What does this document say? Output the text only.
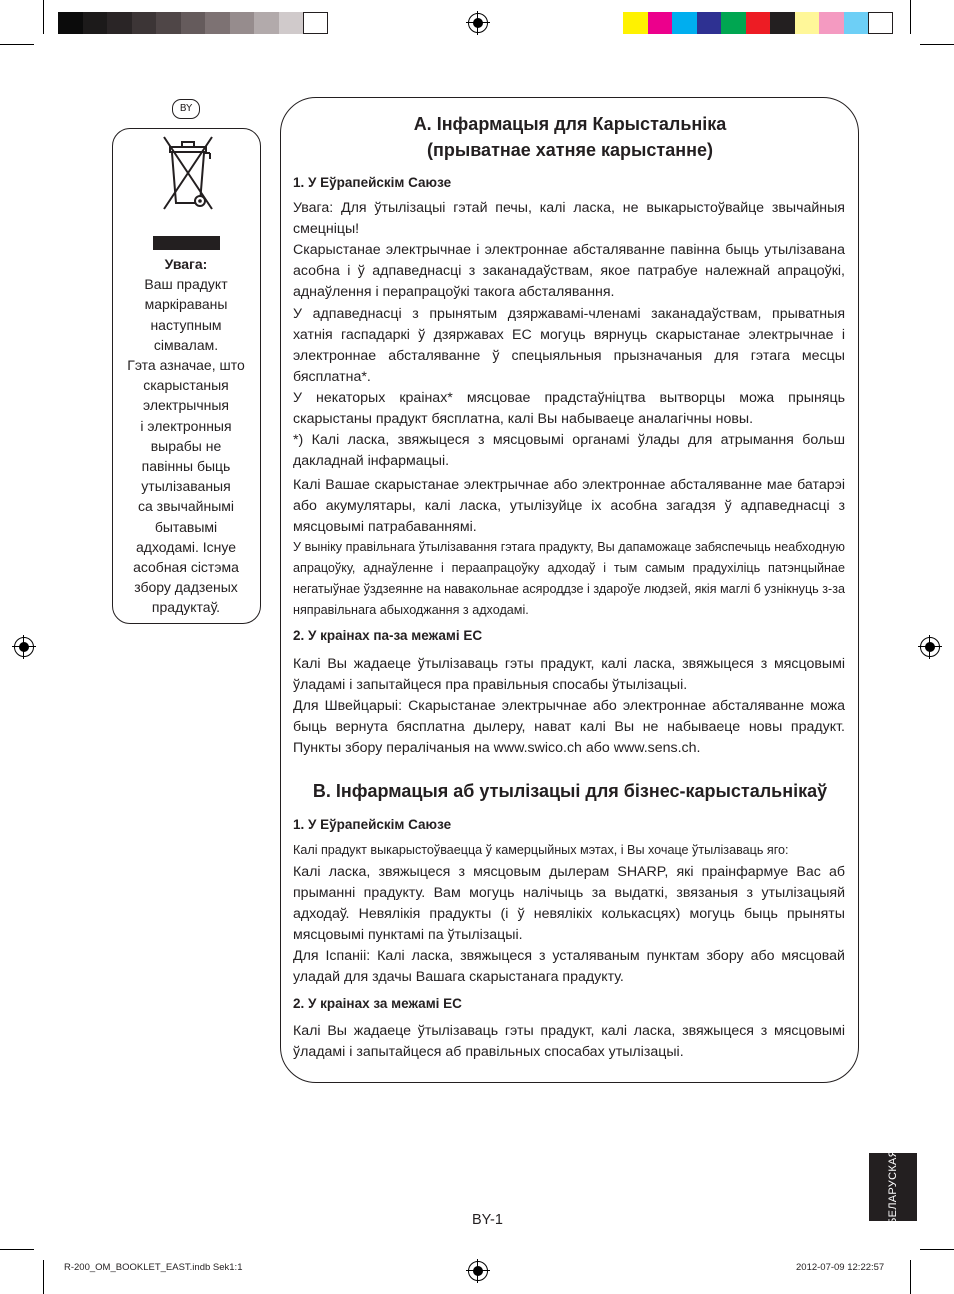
BY
Увага:
Ваш прадукт
маркіраваны
наступным
сімвалам.
Гэта азначае, што
скарыстаныя
электрычныя
і электронныя
вырабы не
павінны быць
утылізаваныя
са звычайнымі
бытавымі
адходамі. Існуе
асобная сістэма
збору дадзеных
прадуктаў.
A. Інфармацыя для Карыстальніка
(прыватнае хатняе карыстанне)
1. У Еўрапейскім Саюзе
Увага: Для ўтылізацыі гэтай печы, калі ласка, не выкарыстоўвайце звычайныя смецніцы!
Скарыстанае электрычнае і электроннае абсталяванне павінна быць утылізавана асобна і ў адпаведнасці з заканадаўствам, якое патрабуе належнай апрацоўкі, аднаўлення і перапрацоўкі такога абсталявання.
У адпаведнасці з прынятым дзяржавамі-членамі заканадаўствам, прыватныя хатнія гаспадаркі ў дзяржавах ЕС могуць вярнуць скарыстанае электрычнае і электроннае абсталяванне ў спецыяльныя прызначаныя для гэтага месцы бясплатна*.
У некаторых краінах* мясцовае прадстаўніцтва вытворцы можа прыняць скарыстаны прадукт бясплатна, калі Вы набываеце аналагічны новы.
*) Калі ласка, звяжыцеся з мясцовымі органамі ўлады для атрымання больш дакладнай інфармацыі.
Калі Вашае скарыстанае электрычнае або электроннае абсталяванне мае батарэі або акумулятары, калі ласка, утылізуйце іх асобна загадзя ў адпаведнасці з мясцовымі патрабаваннямі.
У выніку правільнага ўтылізавання гэтага прадукту, Вы дапаможаце забяспечыць неабходную апрацоўку, аднаўленне і пераапрацоўку адходаў і тым самым прадухіліць патэнцыйнае негатыўнае ўздзеянне на навакольнае асяроддзе і здароўе людзей, якія маглі б узнікнуць з-за няправільнага абыходжання з адходамі.
2. У краінах па-за межамі ЕС
Калі Вы жадаеце ўтылізаваць гэты прадукт, калі ласка, звяжыцеся з мясцовымі ўладамі і запытайцеся пра правільныя спосабы ўтылізацыі.
Для Швейцарыі: Скарыстанае электрычнае або электроннае абсталяванне можа быць вернута бясплатна дылеру, нават калі Вы не набываеце новы прадукт. Пункты збору пералічаныя на www.swico.ch або www.sens.ch.
B. Інфармацыя аб утылізацыі для бізнес-карыстальнікаў
1. У Еўрапейскім Саюзе
Калі прадукт выкарыстоўваецца ў камерцыйных мэтах, і Вы хочаце ўтылізаваць яго:
Калі ласка, звяжыцеся з мясцовым дылерам SHARP, які праінфармуе Вас аб прыманні прадукту. Вам могуць налічыць за выдаткі, звязаныя з утылізацыяй адходаў. Невялікія прадукты (і ў невялікіх колькасцях) могуць быць прыняты мясцовымі пунктамі па ўтылізацыі.
Для Іспаніі: Калі ласка, звяжыцеся з усталяваным пунктам збору або мясцовай уладай для здачы Вашага скарыстанага прадукту.
2. У краінах за межамі ЕС
Калі Вы жадаеце ўтылізаваць гэты прадукт, калі ласка, звяжыцеся з мясцовымі ўладамі і запытайцеся аб правільных спосабах утылізацыі.
БЕЛАРУСКАЯ
BY-1
R-200_OM_BOOKLET_EAST.indb Sek1:1	2012-07-09 12:22:57
